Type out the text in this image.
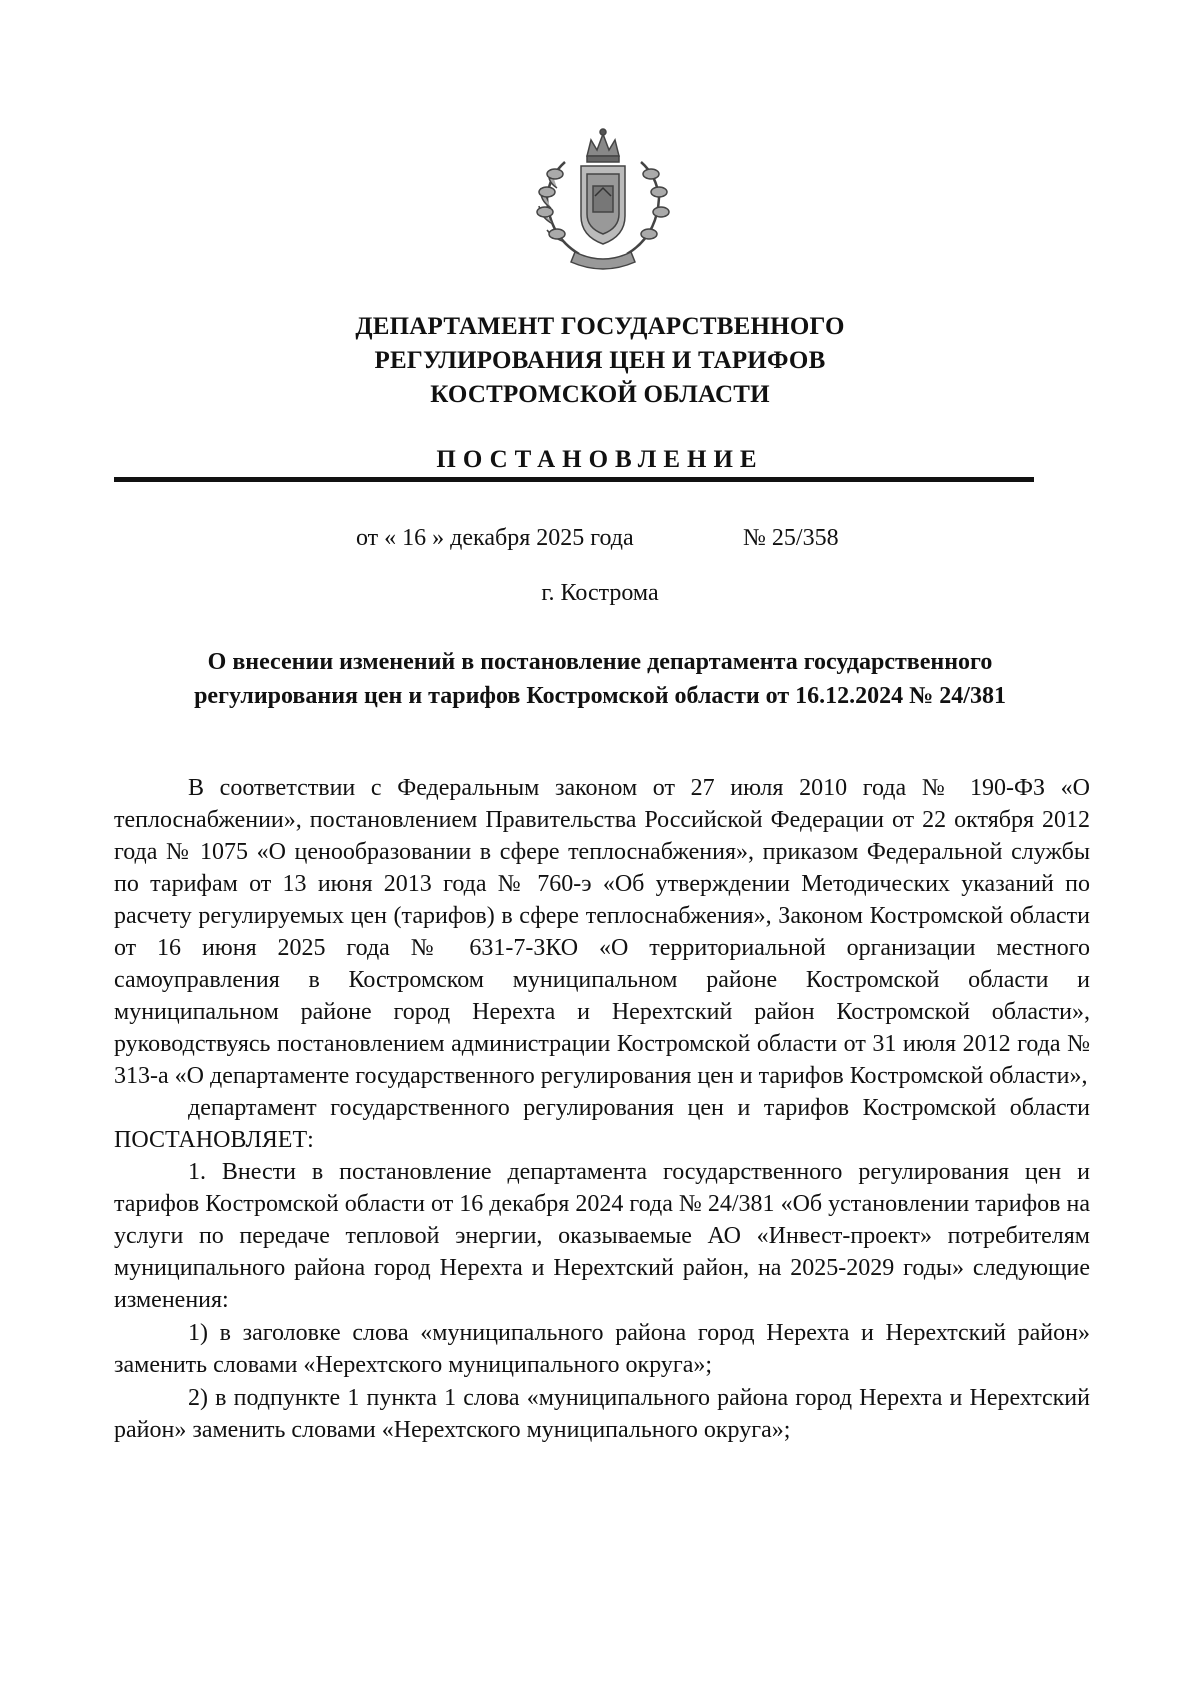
ДЕПАРТАМЕНТ ГОСУДАРСТВЕННОГО
РЕГУЛИРОВАНИЯ ЦЕН И ТАРИФОВ
КОСТРОМСКОЙ ОБЛАСТИ
ПОСТАНОВЛЕНИЕ
от « 16 » декабря 2025 года	№ 25/358
г. Кострома
О внесении изменений в постановление департамента государственного
регулирования цен и тарифов Костромской области от 16.12.2024 № 24/381

В соответствии с Федеральным законом от 27 июля 2010 года № 190-ФЗ «О теплоснабжении», постановлением Правительства Российской Федерации от 22 октября 2012 года № 1075 «О ценообразовании в сфере теплоснабжения», приказом Федеральной службы по тарифам от 13 июня 2013 года № 760-э «Об утверждении Методических указаний по расчету регулируемых цен (тарифов) в сфере теплоснабжения», Законом Костромской области от 16 июня 2025 года № 631-7-ЗКО «О территориальной организации местного самоуправления в Костромском муниципальном районе Костромской области и муниципальном районе город Нерехта и Нерехтский район Костромской области», руководствуясь постановлением администрации Костромской области от 31 июля 2012 года № 313-а «О департаменте государственного регулирования цен и тарифов Костромской области»,

департамент государственного регулирования цен и тарифов Костромской области ПОСТАНОВЛЯЕТ:

1. Внести в постановление департамента государственного регулирования цен и тарифов Костромской области от 16 декабря 2024 года № 24/381 «Об установлении тарифов на услуги по передаче тепловой энергии, оказываемые АО «Инвест-проект» потребителям муниципального района город Нерехта и Нерехтский район, на 2025-2029 годы» следующие изменения:

1) в заголовке слова «муниципального района город Нерехта и Нерехтский район» заменить словами «Нерехтского муниципального округа»;

2) в подпункте 1 пункта 1 слова «муниципального района город Нерехта и Нерехтский район» заменить словами «Нерехтского муниципального округа»;
